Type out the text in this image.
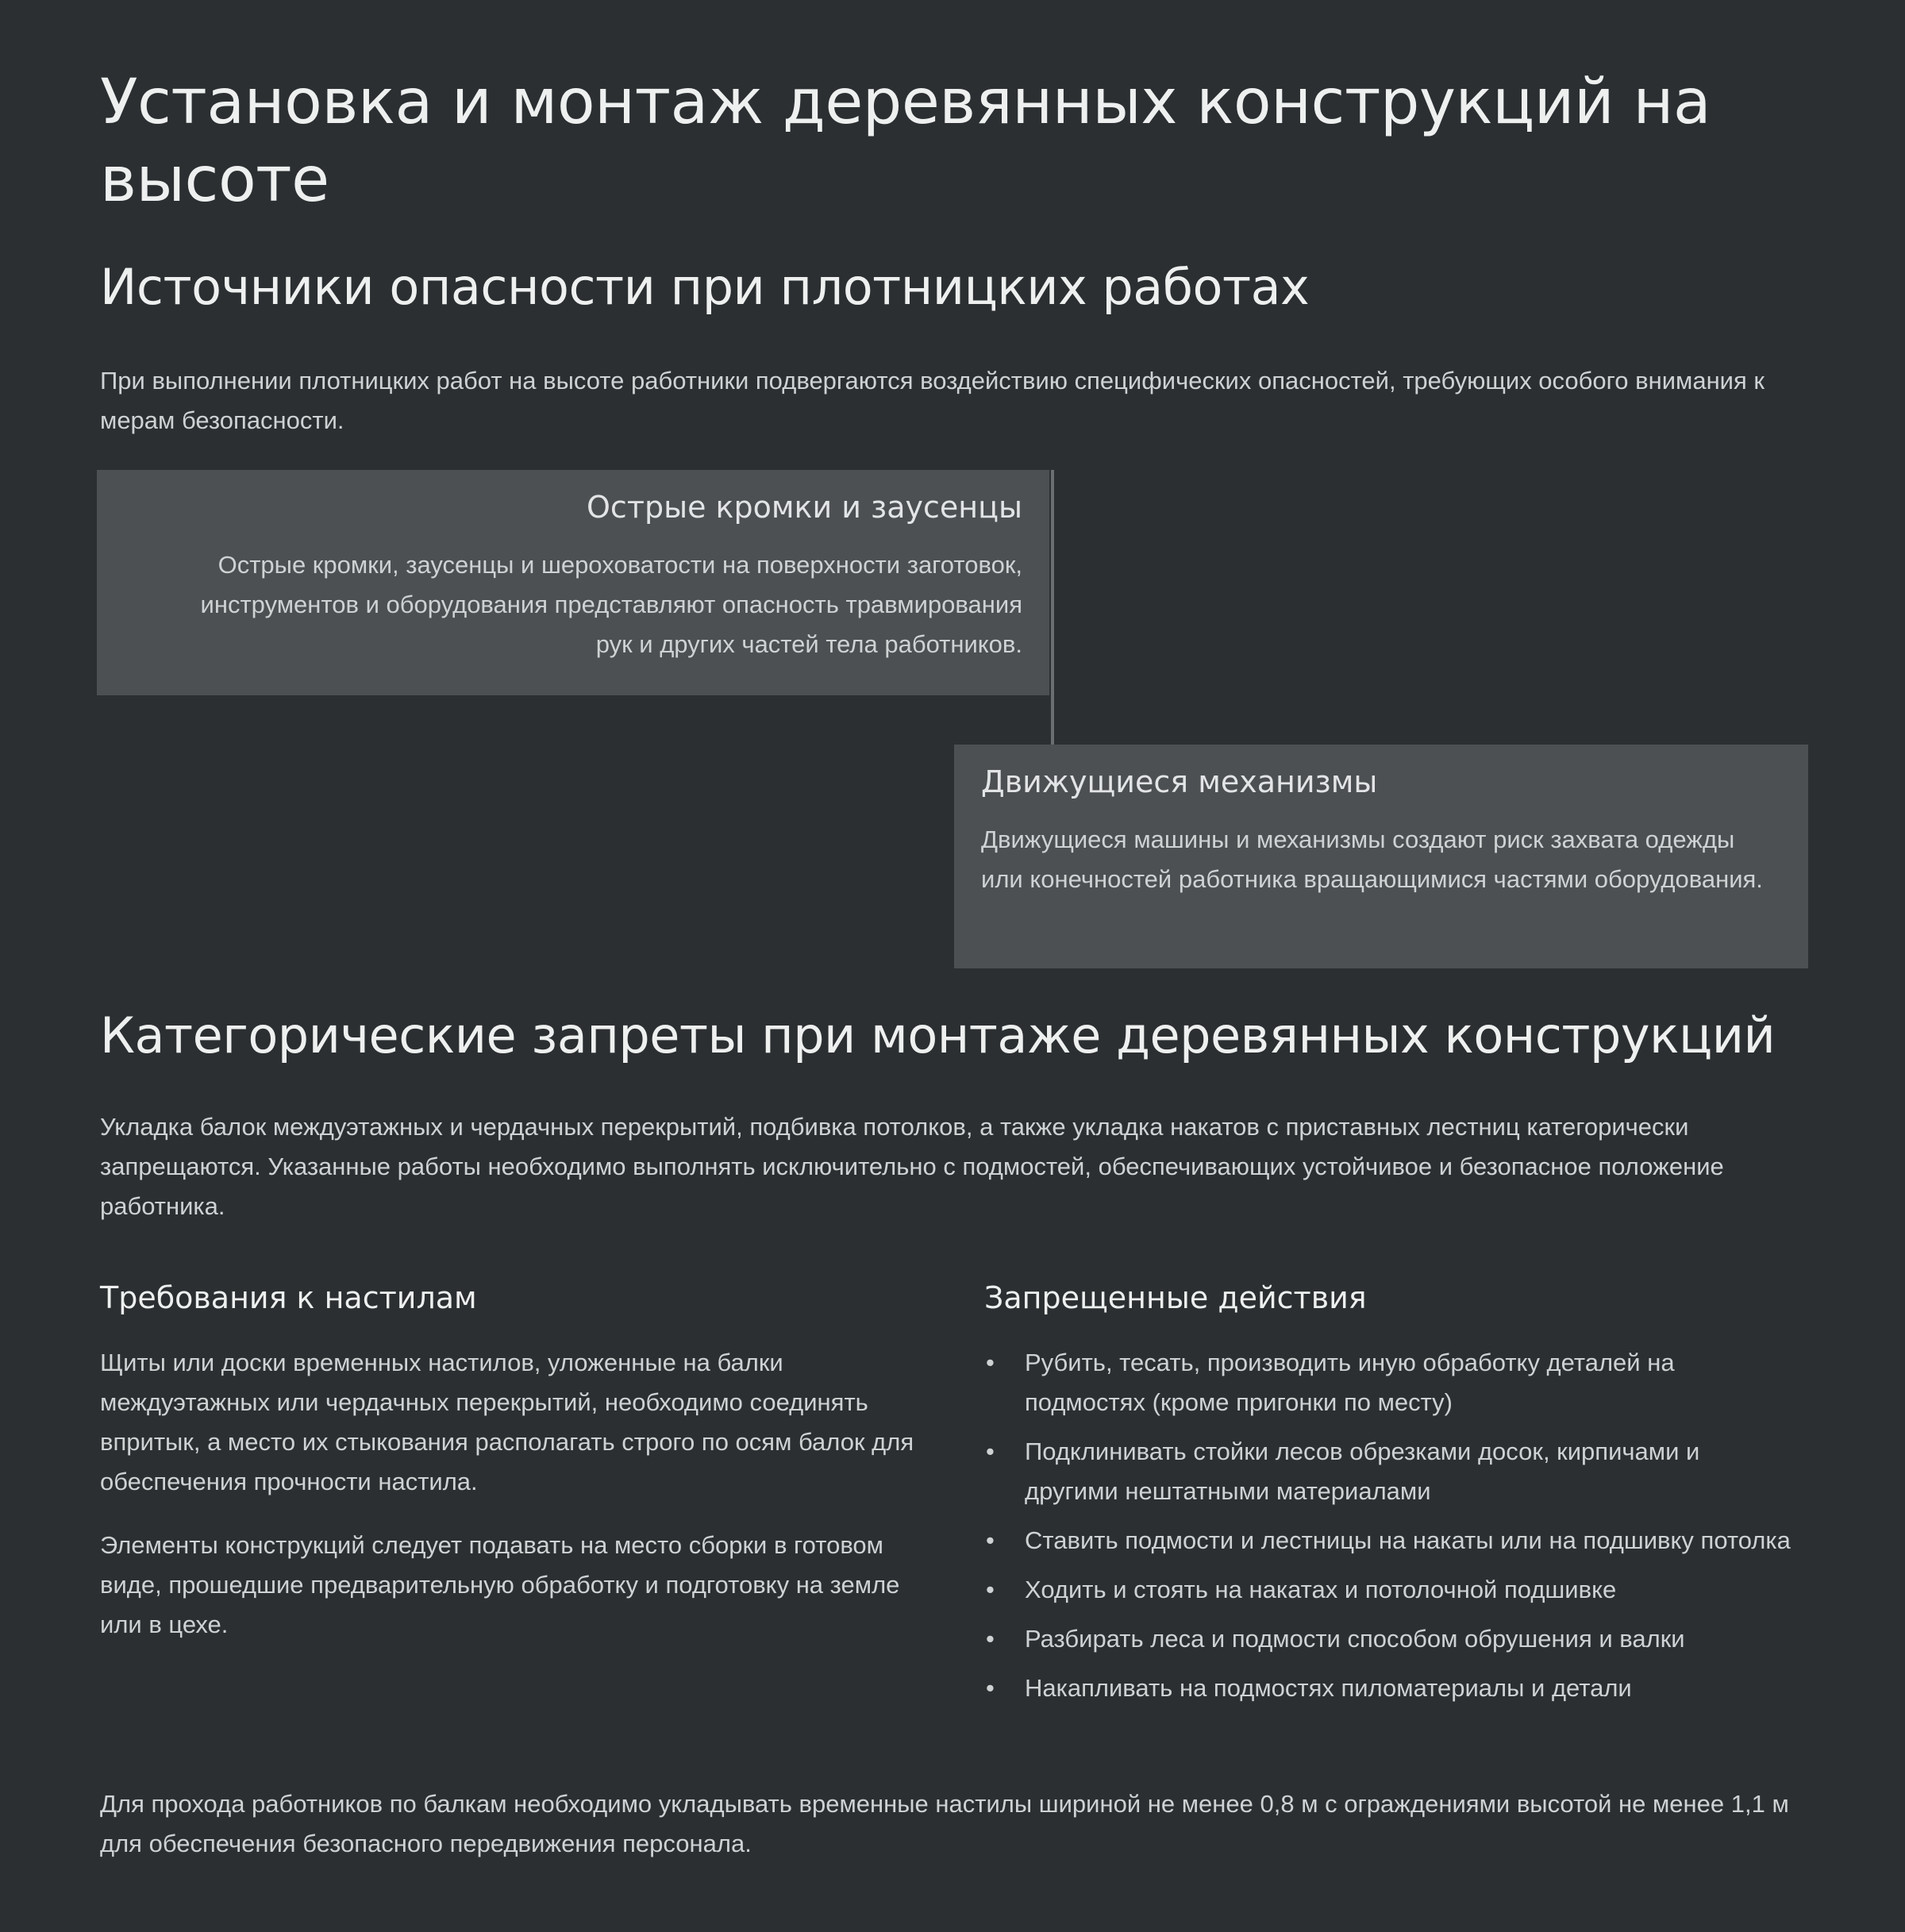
Установка и монтаж деревянных конструкций на высоте
Источники опасности при плотницких работах

При выполнении плотницких работ на высоте работники подвергаются воздействию специфических опасностей, требующих особого внимания к мерам безопасности.

Острые кромки и заусенцы

Острые кромки, заусенцы и шероховатости на поверхности заготовок, инструментов и оборудования представляют опасность травмирования рук и других частей тела работников.

Движущиеся механизмы

Движущиеся машины и механизмы создают риск захвата одежды или конечностей работника вращающимися частями оборудования.

Категорические запреты при монтаже деревянных конструкций

Укладка балок междуэтажных и чердачных перекрытий, подбивка потолков, а также укладка накатов с приставных лестниц категорически запрещаются. Указанные работы необходимо выполнять исключительно с подмостей, обеспечивающих устойчивое и безопасное положение работника.

Требования к настилам

Щиты или доски временных настилов, уложенные на балки междуэтажных или чердачных перекрытий, необходимо соединять впритык, а место их стыкования располагать строго по осям балок для обеспечения прочности настила.

Элементы конструкций следует подавать на место сборки в готовом виде, прошедшие предварительную обработку и подготовку на земле или в цехе.

Запрещенные действия
• Рубить, тесать, производить иную обработку деталей на подмостях (кроме пригонки по месту)
• Подклинивать стойки лесов обрезками досок, кирпичами и другими нештатными материалами
• Ставить подмости и лестницы на накаты или на подшивку потолка
• Ходить и стоять на накатах и потолочной подшивке
• Разбирать леса и подмости способом обрушения и валки
• Накапливать на подмостях пиломатериалы и детали

Для прохода работников по балкам необходимо укладывать временные настилы шириной не менее 0,8 м с ограждениями высотой не менее 1,1 м для обеспечения безопасного передвижения персонала.
